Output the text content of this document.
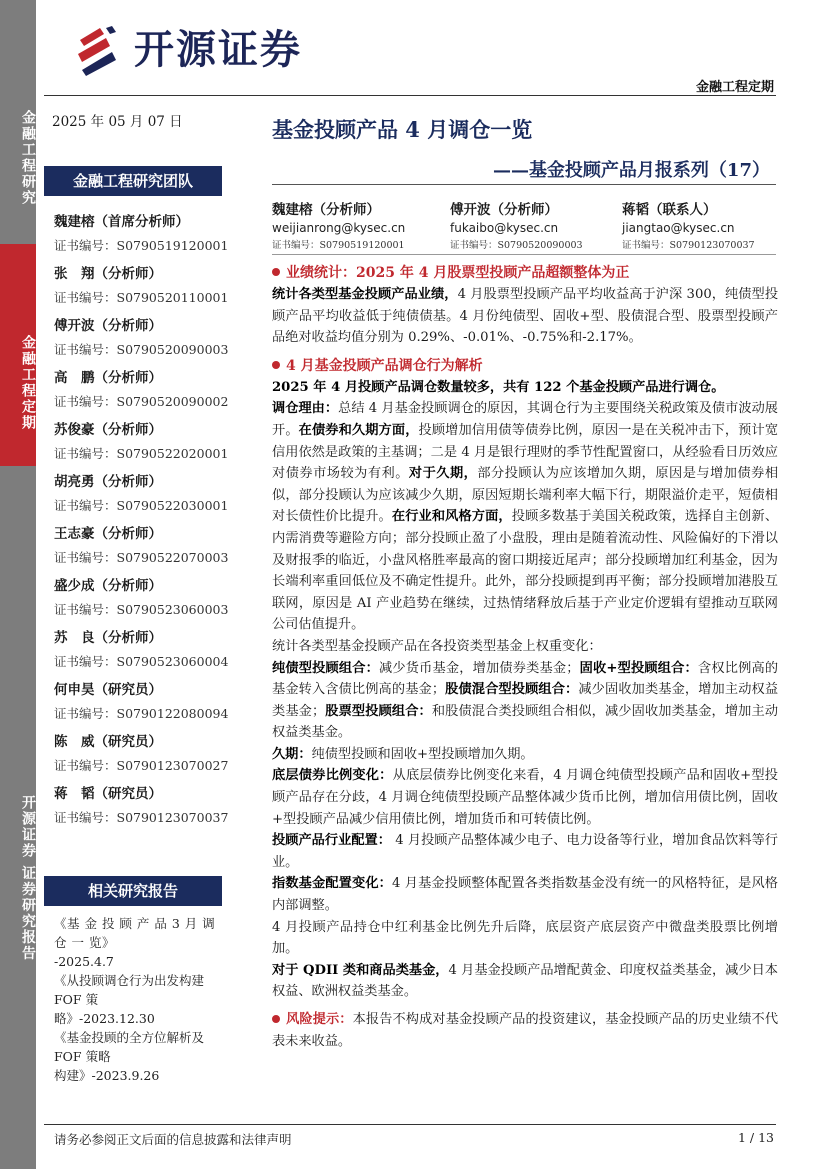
金融工程研究
金融工程定期
开源证券 证券研究报告
开源证券
金融工程定期
2025 年 05 月 07 日
金融工程研究团队
魏建榕（首席分析师）
证书编号：S0790519120001
张　翔（分析师）
证书编号：S0790520110001
傅开波（分析师）
证书编号：S0790520090003
高　鹏（分析师）
证书编号：S0790520090002
苏俊豪（分析师）
证书编号：S0790522020001
胡亮勇（分析师）
证书编号：S0790522030001
王志豪（分析师）
证书编号：S0790522070003
盛少成（分析师）
证书编号：S0790523060003
苏　良（分析师）
证书编号：S0790523060004
何申昊（研究员）
证书编号：S0790122080094
陈　威（研究员）
证书编号：S0790123070027
蒋　韬（研究员）
证书编号：S0790123070037
相关研究报告
《基 金 投 顾 产 品 3 月 调 仓 一 览》
-2025.4.7
《从投顾调仓行为出发构建 FOF 策
略》-2023.12.30
《基金投顾的全方位解析及 FOF 策略
构建》-2023.9.26
基金投顾产品 4 月调仓一览
——基金投顾产品月报系列（17）
魏建榕（分析师）
weijianrong@kysec.cn
证书编号：S0790519120001
傅开波（分析师）
fukaibo@kysec.cn
证书编号：S0790520090003
蒋韬（联系人）
jiangtao@kysec.cn
证书编号：S0790123070037
业绩统计：2025 年 4 月股票型投顾产品超额整体为正
统计各类型基金投顾产品业绩，4 月股票型投顾产品平均收益高于沪深 300，纯债型投顾产品平均收益低于纯债债基。4 月份纯债型、固收+型、股债混合型、股票型投顾产品绝对收益均值分别为 0.29%、-0.01%、-0.75%和-2.17%。
4 月基金投顾产品调仓行为解析
2025 年 4 月投顾产品调仓数量较多，共有 122 个基金投顾产品进行调仓。
调仓理由：总结 4 月基金投顾调仓的原因，其调仓行为主要围绕关税政策及债市波动展开。在债券和久期方面，投顾增加信用债等债券比例，原因一是在关税冲击下，预计宽信用依然是政策的主基调；二是 4 月是银行理财的季节性配置窗口，从经验看日历效应对债券市场较为有利。对于久期，部分投顾认为应该增加久期，原因是与增加债券相似，部分投顾认为应该减少久期，原因短期长端利率大幅下行，期限溢价走平，短债相对长债性价比提升。在行业和风格方面，投顾多数基于美国关税政策，选择自主创新、内需消费等避险方向；部分投顾止盈了小盘股，理由是随着流动性、风险偏好的下滑以及财报季的临近，小盘风格胜率最高的窗口期接近尾声；部分投顾增加红利基金，因为长端利率重回低位及不确定性提升。此外，部分投顾提到再平衡；部分投顾增加港股互联网，原因是 AI 产业趋势在继续，过热情绪释放后基于产业定价逻辑有望推动互联网公司估值提升。
统计各类型基金投顾产品在各投资类型基金上权重变化：
纯债型投顾组合：减少货币基金，增加债券类基金；固收+型投顾组合：含权比例高的基金转入含债比例高的基金；股债混合型投顾组合：减少固收加类基金，增加主动权益类基金；股票型投顾组合：和股债混合类投顾组合相似，减少固收加类基金，增加主动权益类基金。
久期：纯债型投顾和固收+型投顾增加久期。
底层债券比例变化：从底层债券比例变化来看，4 月调仓纯债型投顾产品和固收+型投顾产品存在分歧，4 月调仓纯债型投顾产品整体减少货币比例，增加信用债比例，固收+型投顾产品减少信用债比例，增加货币和可转债比例。
投顾产品行业配置： 4 月投顾产品整体减少电子、电力设备等行业，增加食品饮料等行业。
指数基金配置变化：4 月基金投顾整体配置各类指数基金没有统一的风格特征，是风格内部调整。
4 月投顾产品持仓中红利基金比例先升后降，底层资产底层资产中微盘类股票比例增加。
对于 QDII 类和商品类基金，4 月基金投顾产品增配黄金、印度权益类基金，减少日本权益、欧洲权益类基金。
风险提示：本报告不构成对基金投顾产品的投资建议，基金投顾产品的历史业绩不代表未来收益。
请务必参阅正文后面的信息披露和法律声明	1 / 13
